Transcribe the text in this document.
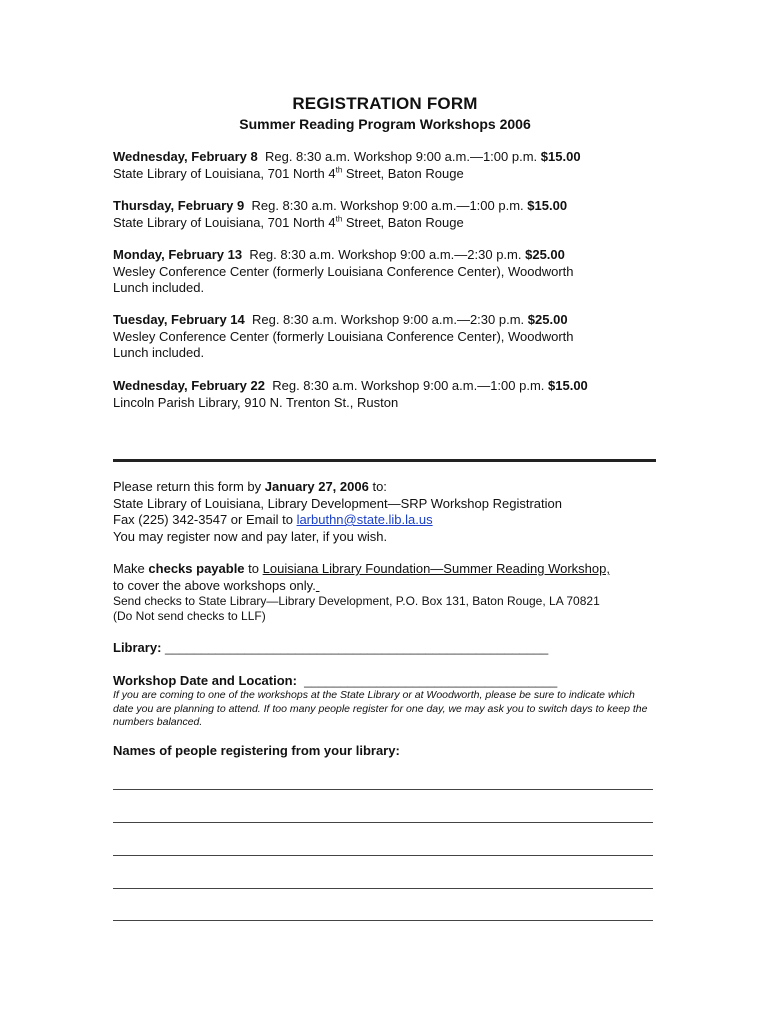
REGISTRATION FORM
Summer Reading Program Workshops 2006
Wednesday, February 8 Reg. 8:30 a.m. Workshop 9:00 a.m.—1:00 p.m. $15.00
State Library of Louisiana, 701 North 4th Street, Baton Rouge
Thursday, February 9 Reg. 8:30 a.m. Workshop 9:00 a.m.—1:00 p.m. $15.00
State Library of Louisiana, 701 North 4th Street, Baton Rouge
Monday, February 13 Reg. 8:30 a.m. Workshop 9:00 a.m.—2:30 p.m. $25.00
Wesley Conference Center (formerly Louisiana Conference Center), Woodworth
Lunch included.
Tuesday, February 14 Reg. 8:30 a.m. Workshop 9:00 a.m.—2:30 p.m. $25.00
Wesley Conference Center (formerly Louisiana Conference Center), Woodworth
Lunch included.
Wednesday, February 22 Reg. 8:30 a.m. Workshop 9:00 a.m.—1:00 p.m. $15.00
Lincoln Parish Library, 910 N. Trenton St., Ruston
Please return this form by January 27, 2006 to:
State Library of Louisiana, Library Development—SRP Workshop Registration
Fax (225) 342-3547 or Email to larbuthn@state.lib.la.us
You may register now and pay later, if you wish.
Make checks payable to Louisiana Library Foundation—Summer Reading Workshop,
to cover the above workshops only.
Send checks to State Library—Library Development, P.O. Box 131, Baton Rouge, LA 70821
(Do Not send checks to LLF)
Library: _____________________________________________________
Workshop Date and Location: ___________________________________
If you are coming to one of the workshops at the State Library or at Woodworth, please be sure to indicate which date you are planning to attend. If too many people register for one day, we may ask you to switch days to keep the numbers balanced.
Names of people registering from your library:
